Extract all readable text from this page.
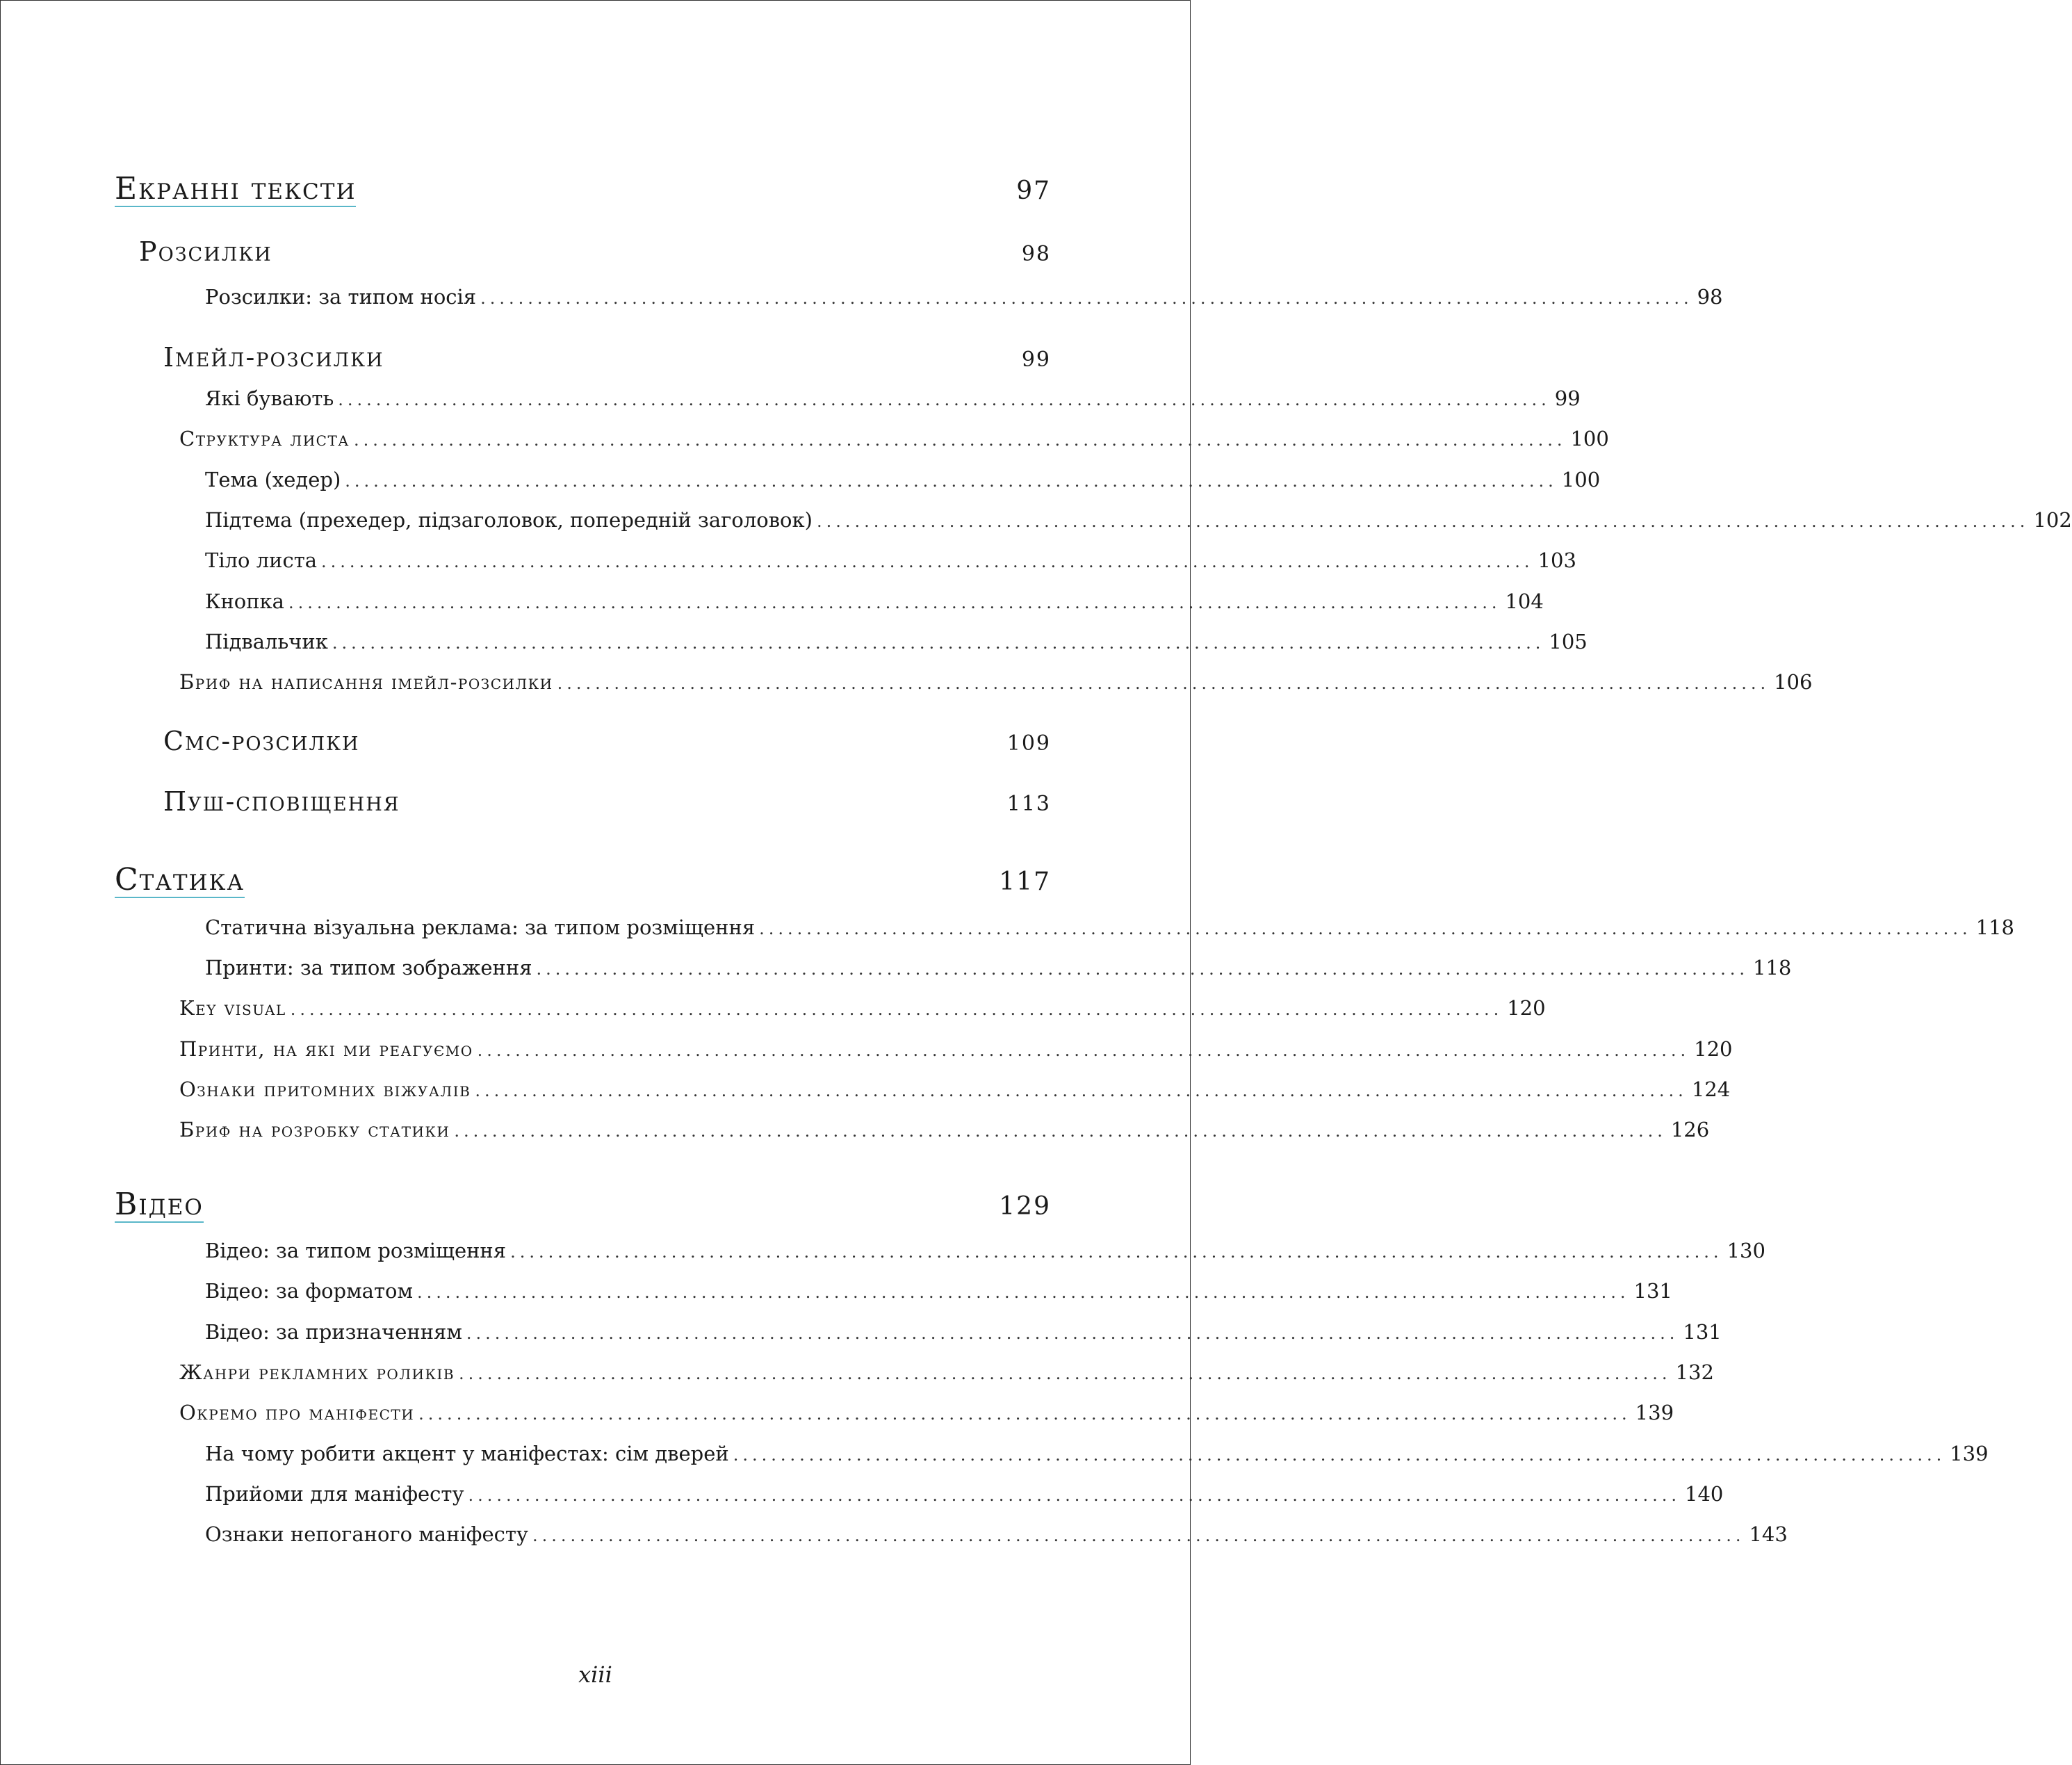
Екранні тексти	97
Розсилки	98
Розсилки: за типом носія ................................................................................................................................ 98
Імейл-розсилки	99
Які бувають ................................................................................................................................ 99
Структура листа ................................................................................................................................ 100
Тема (хедер) ................................................................................................................................ 100
Підтема (прехедер, підзаголовок, попередній заголовок) ................................................................................................................................ 102
Тіло листа ................................................................................................................................ 103
Кнопка ................................................................................................................................ 104
Підвальчик ................................................................................................................................ 105
Бриф на написання імейл-розсилки ................................................................................................................................ 106
Смс-розсилки	109
Пуш-сповіщення	113
Статика	117
Статична візуальна реклама: за типом розміщення ................................................................................................................................ 118
Принти: за типом зображення ................................................................................................................................ 118
Key visual ................................................................................................................................ 120
Принти, на які ми реагуємо ................................................................................................................................ 120
Ознаки притомних віжуалів ................................................................................................................................ 124
Бриф на розробку статики ................................................................................................................................ 126
Відео	129
Відео: за типом розміщення ................................................................................................................................ 130
Відео: за форматом ................................................................................................................................ 131
Відео: за призначенням ................................................................................................................................ 131
Жанри рекламних роликів ................................................................................................................................ 132
Окремо про маніфести ................................................................................................................................ 139
На чому робити акцент у маніфестах: сім дверей ................................................................................................................................ 139
Прийоми для маніфесту ................................................................................................................................ 140
Ознаки непоганого маніфесту ................................................................................................................................ 143
xiii
